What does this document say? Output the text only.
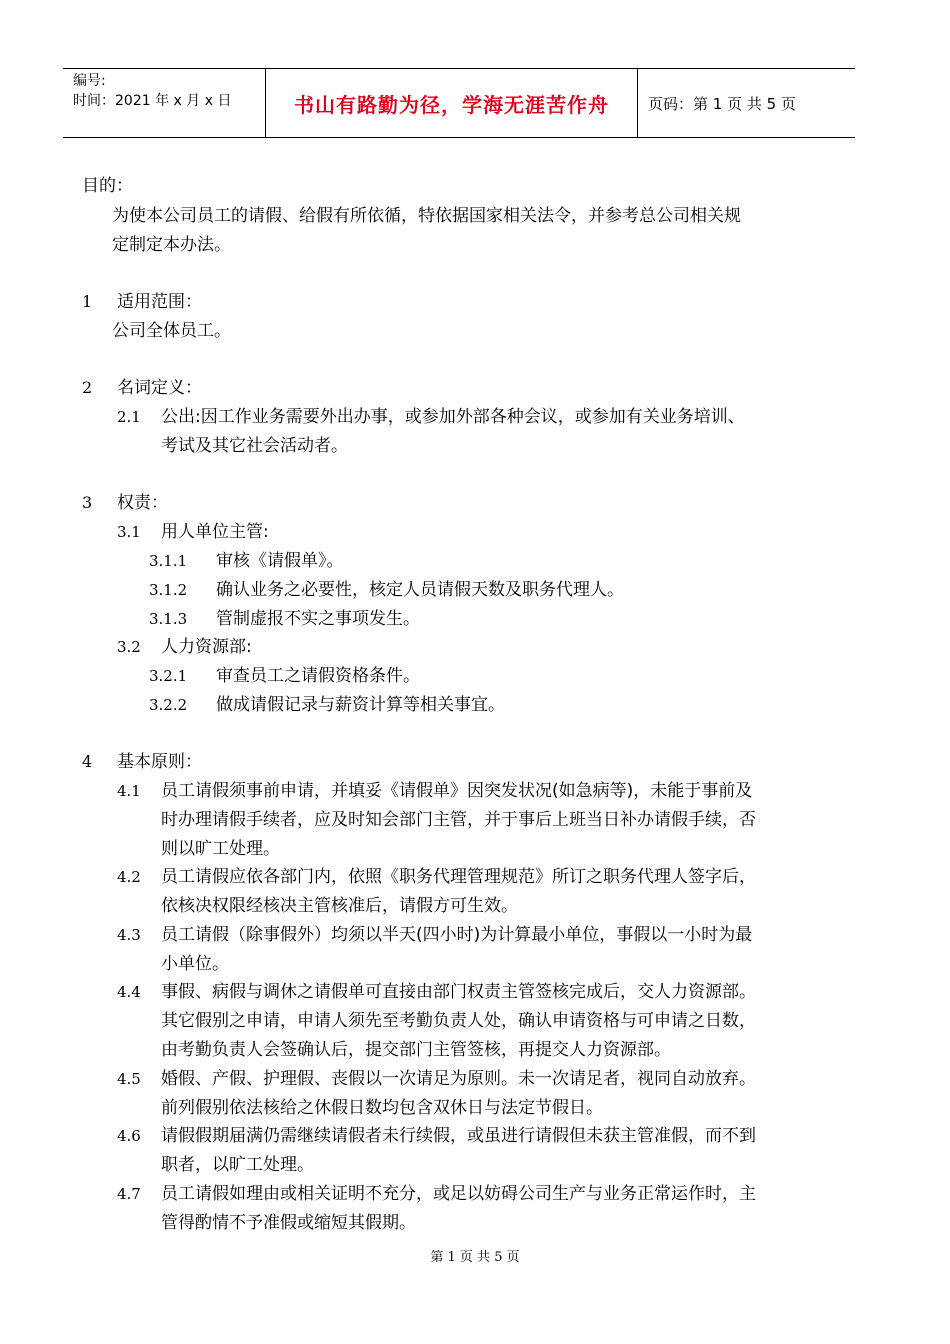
编号:
时间：2021 年 x 月 x 日	书山有路勤为径，学海无涯苦作舟	页码：第 1 页 共 5 页
目的：
为使本公司员工的请假、给假有所依循，特依据国家相关法令，并参考总公司相关规
定制定本办法。
1 适用范围：
公司全体员工。
2 名词定义：
2.1 公出:因工作业务需要外出办事，或参加外部各种会议，或参加有关业务培训、
考试及其它社会活动者。
3 权责：
3.1 用人单位主管:
3.1.1 审核《请假单》。
3.1.2 确认业务之必要性，核定人员请假天数及职务代理人。
3.1.3 管制虚报不实之事项发生。
3.2 人力资源部:
3.2.1 审查员工之请假资格条件。
3.2.2 做成请假记录与薪资计算等相关事宜。
4 基本原则：
4.1 员工请假须事前申请，并填妥《请假单》因突发状况(如急病等)，未能于事前及
时办理请假手续者，应及时知会部门主管，并于事后上班当日补办请假手续，否
则以旷工处理。
4.2 员工请假应依各部门内，依照《职务代理管理规范》所订之职务代理人签字后，
依核决权限经核决主管核准后，请假方可生效。
4.3 员工请假（除事假外）均须以半天(四小时)为计算最小单位，事假以一小时为最
小单位。
4.4 事假、病假与调休之请假单可直接由部门权责主管签核完成后，交人力资源部。
其它假别之申请，申请人须先至考勤负责人处，确认申请资格与可申请之日数，
由考勤负责人会签确认后，提交部门主管签核，再提交人力资源部。
4.5 婚假、产假、护理假、丧假以一次请足为原则。未一次请足者，视同自动放弃。
前列假别依法核给之休假日数均包含双休日与法定节假日。
4.6 请假假期届满仍需继续请假者未行续假，或虽进行请假但未获主管准假，而不到
职者，以旷工处理。
4.7 员工请假如理由或相关证明不充分，或足以妨碍公司生产与业务正常运作时，主
管得酌情不予准假或缩短其假期。
第 1 页 共 5 页
